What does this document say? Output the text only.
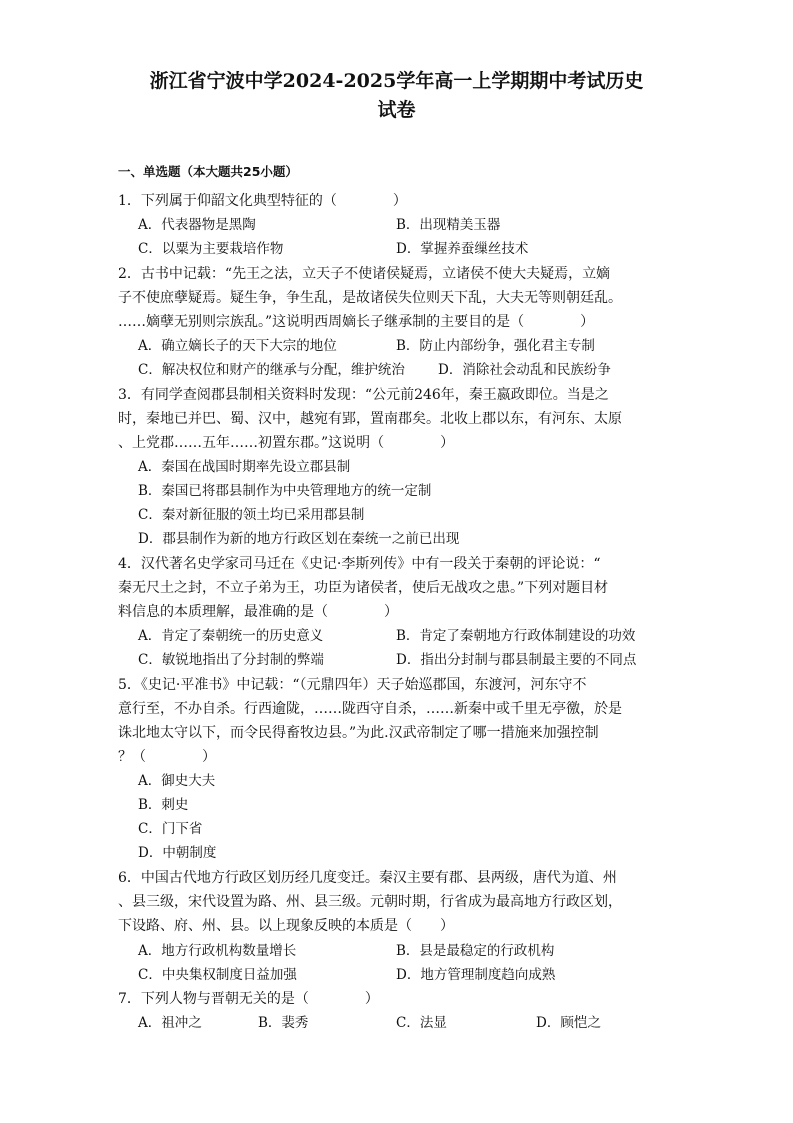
浙江省宁波中学2024-2025学年高一上学期期中考试历史
试卷
一、单选题（本大题共25小题）
1．下列属于仰韶文化典型特征的（　　　　）
A．代表器物是黑陶	B．出现精美玉器
C．以粟为主要栽培作物	D．掌握养蚕缫丝技术
2．古书中记载：“先王之法，立天子不使诸侯疑焉，立诸侯不使大夫疑焉，立嫡
子不使庶孽疑焉。疑生争，争生乱，是故诸侯失位则天下乱，大夫无等则朝廷乱。
……嫡孽无别则宗族乱。”这说明西周嫡长子继承制的主要目的是（　　　　）
A．确立嫡长子的天下大宗的地位	B．防止内部纷争，强化君主专制
C．解决权位和财产的继承与分配，维护统治 D．消除社会动乱和民族纷争
3．有同学查阅郡县制相关资料时发现：“公元前246年，秦王嬴政即位。当是之
时，秦地已并巴、蜀、汉中，越宛有郢，置南郡矣。北收上郡以东，有河东、太原
、上党郡……五年……初置东郡。”这说明（　　　　）
A．秦国在战国时期率先设立郡县制
B．秦国已将郡县制作为中央管理地方的统一定制
C．秦对新征服的领土均已采用郡县制
D．郡县制作为新的地方行政区划在秦统一之前已出现
4．汉代著名史学家司马迁在《史记·李斯列传》中有一段关于秦朝的评论说：“
秦无尺土之封，不立子弟为王，功臣为诸侯者，使后无战攻之患。”下列对题目材
料信息的本质理解，最准确的是（　　　　）
A．肯定了秦朝统一的历史意义	B．肯定了秦朝地方行政体制建设的功效
C．敏锐地指出了分封制的弊端	D．指出分封制与郡县制最主要的不同点
5．《史记·平准书》中记载：“（元鼎四年）天子始巡郡国，东渡河，河东守不
意行至，不办自杀。行西逾陇，……陇西守自杀，……新秦中或千里无亭徼，於是
诛北地太守以下，而令民得畜牧边县。”为此.汉武帝制定了哪一措施来加强控制
？（　　　　）
A．御史大夫
B．刺史
C．门下省
D．中朝制度
6．中国古代地方行政区划历经几度变迁。秦汉主要有郡、县两级，唐代为道、州
、县三级，宋代设置为路、州、县三级。元朝时期，行省成为最高地方行政区划，
下设路、府、州、县。以上现象反映的本质是（　　）
A．地方行政机构数量增长	B．县是最稳定的行政机构
C．中央集权制度日益加强	D．地方管理制度趋向成熟
7．下列人物与晋朝无关的是（　　　　）
A．祖冲之	B．裴秀	C．法显	D．顾恺之
